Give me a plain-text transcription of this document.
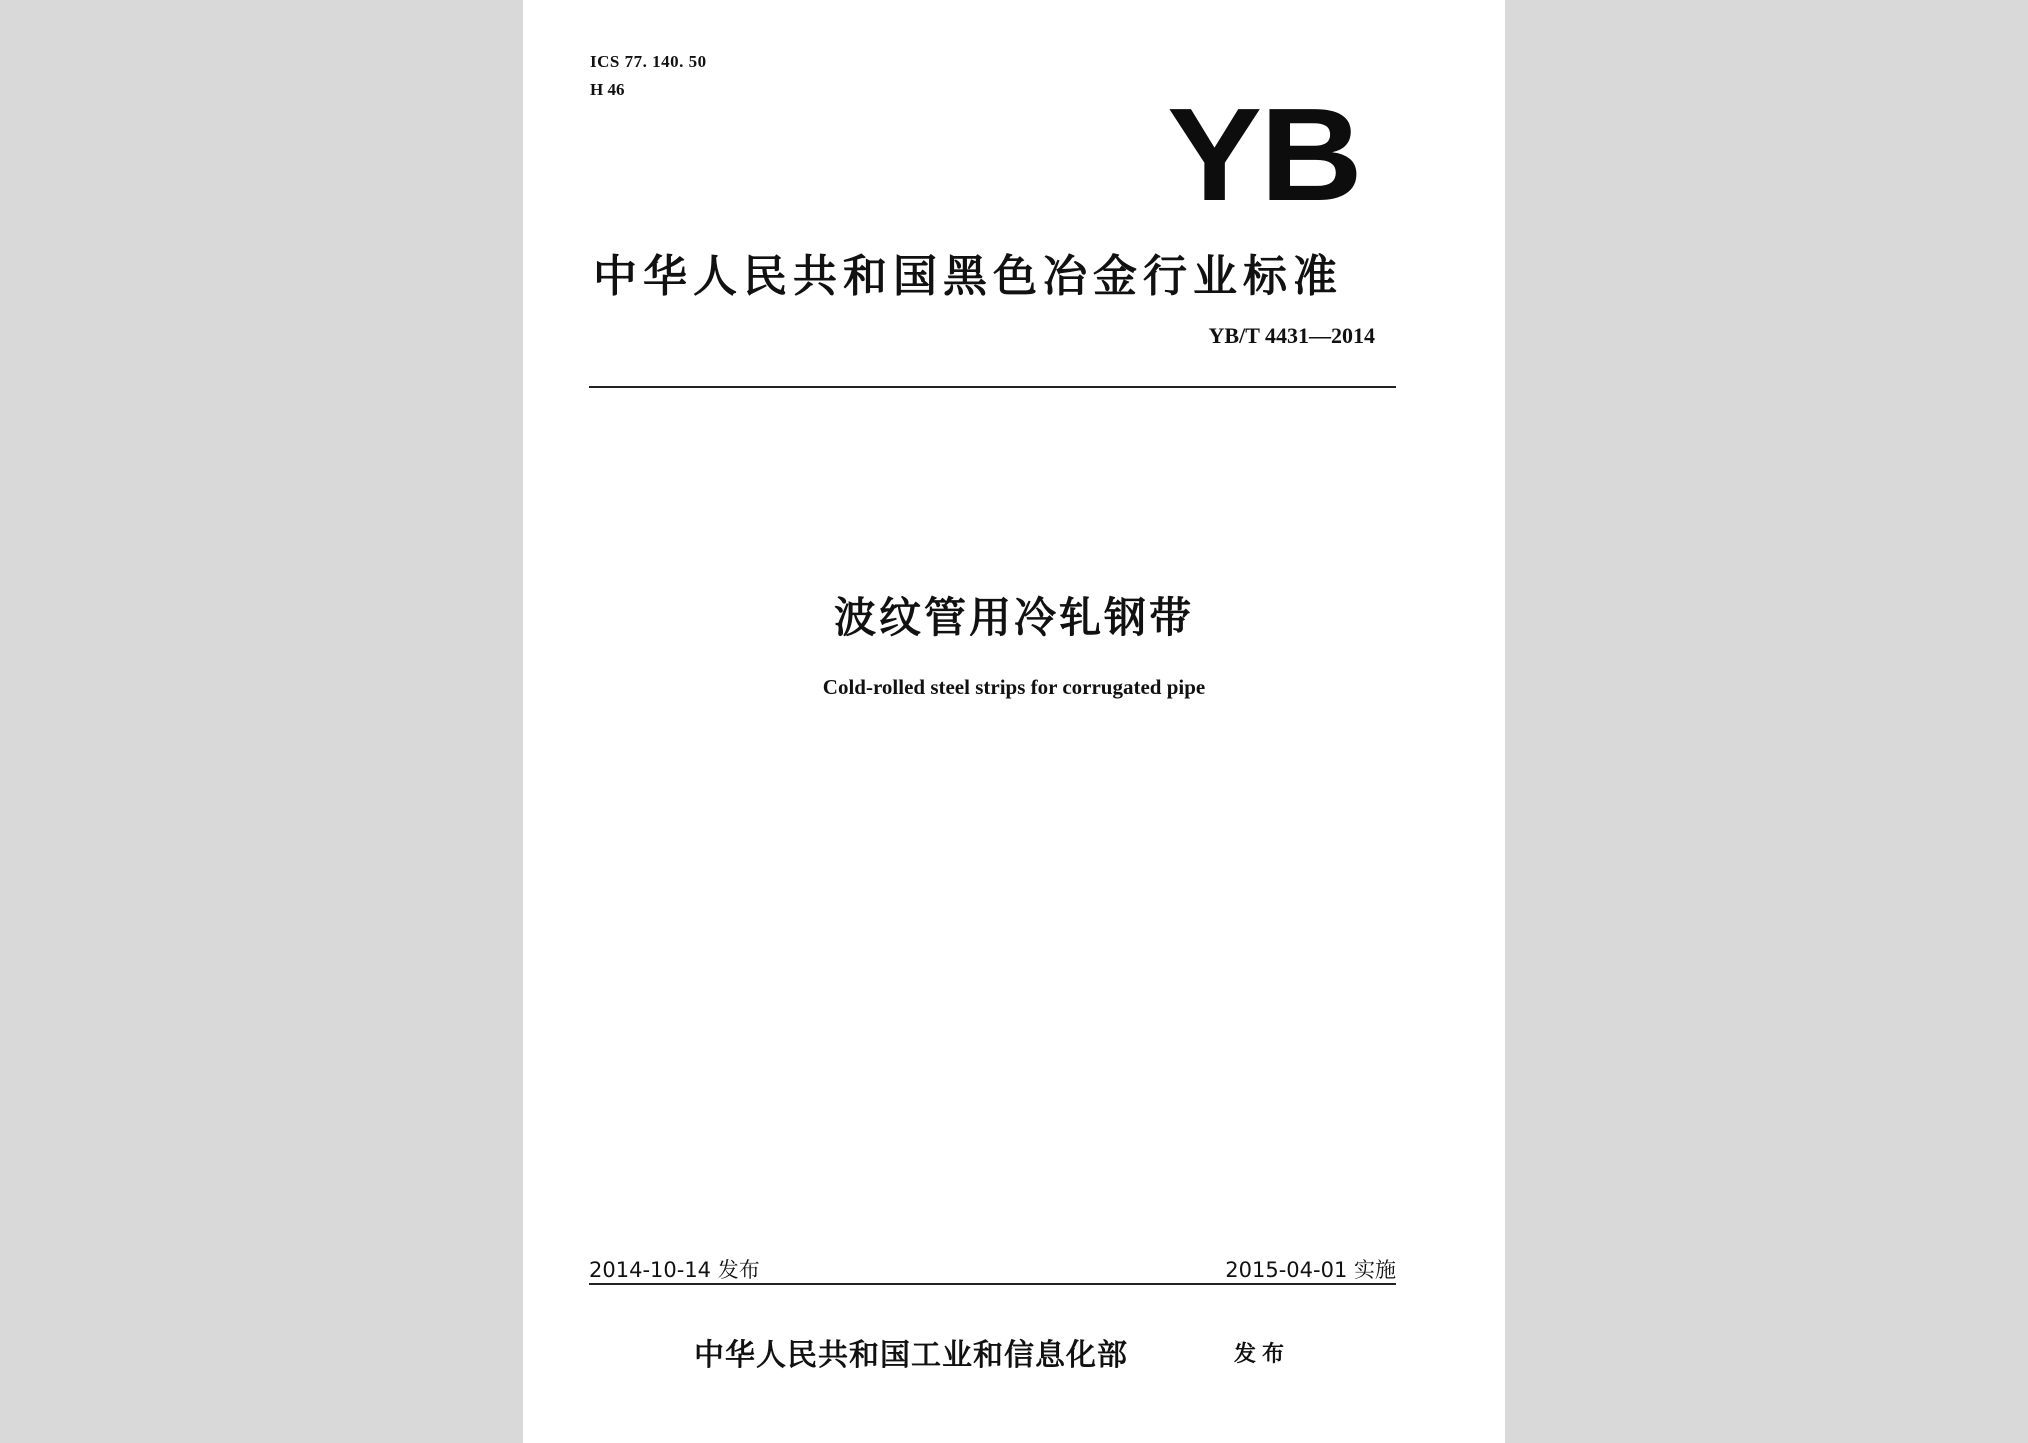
ICS 77. 140. 50

H 46	YB
中华人民共和国黑色冶金行业标准

YB/T 4431—2014

波纹管用冷轧钢带

Cold-rolled steel strips for corrugated pipe

2014-10-14 发布	2015-04-01 实施

中华人民共和国工业和信息化部	发布
